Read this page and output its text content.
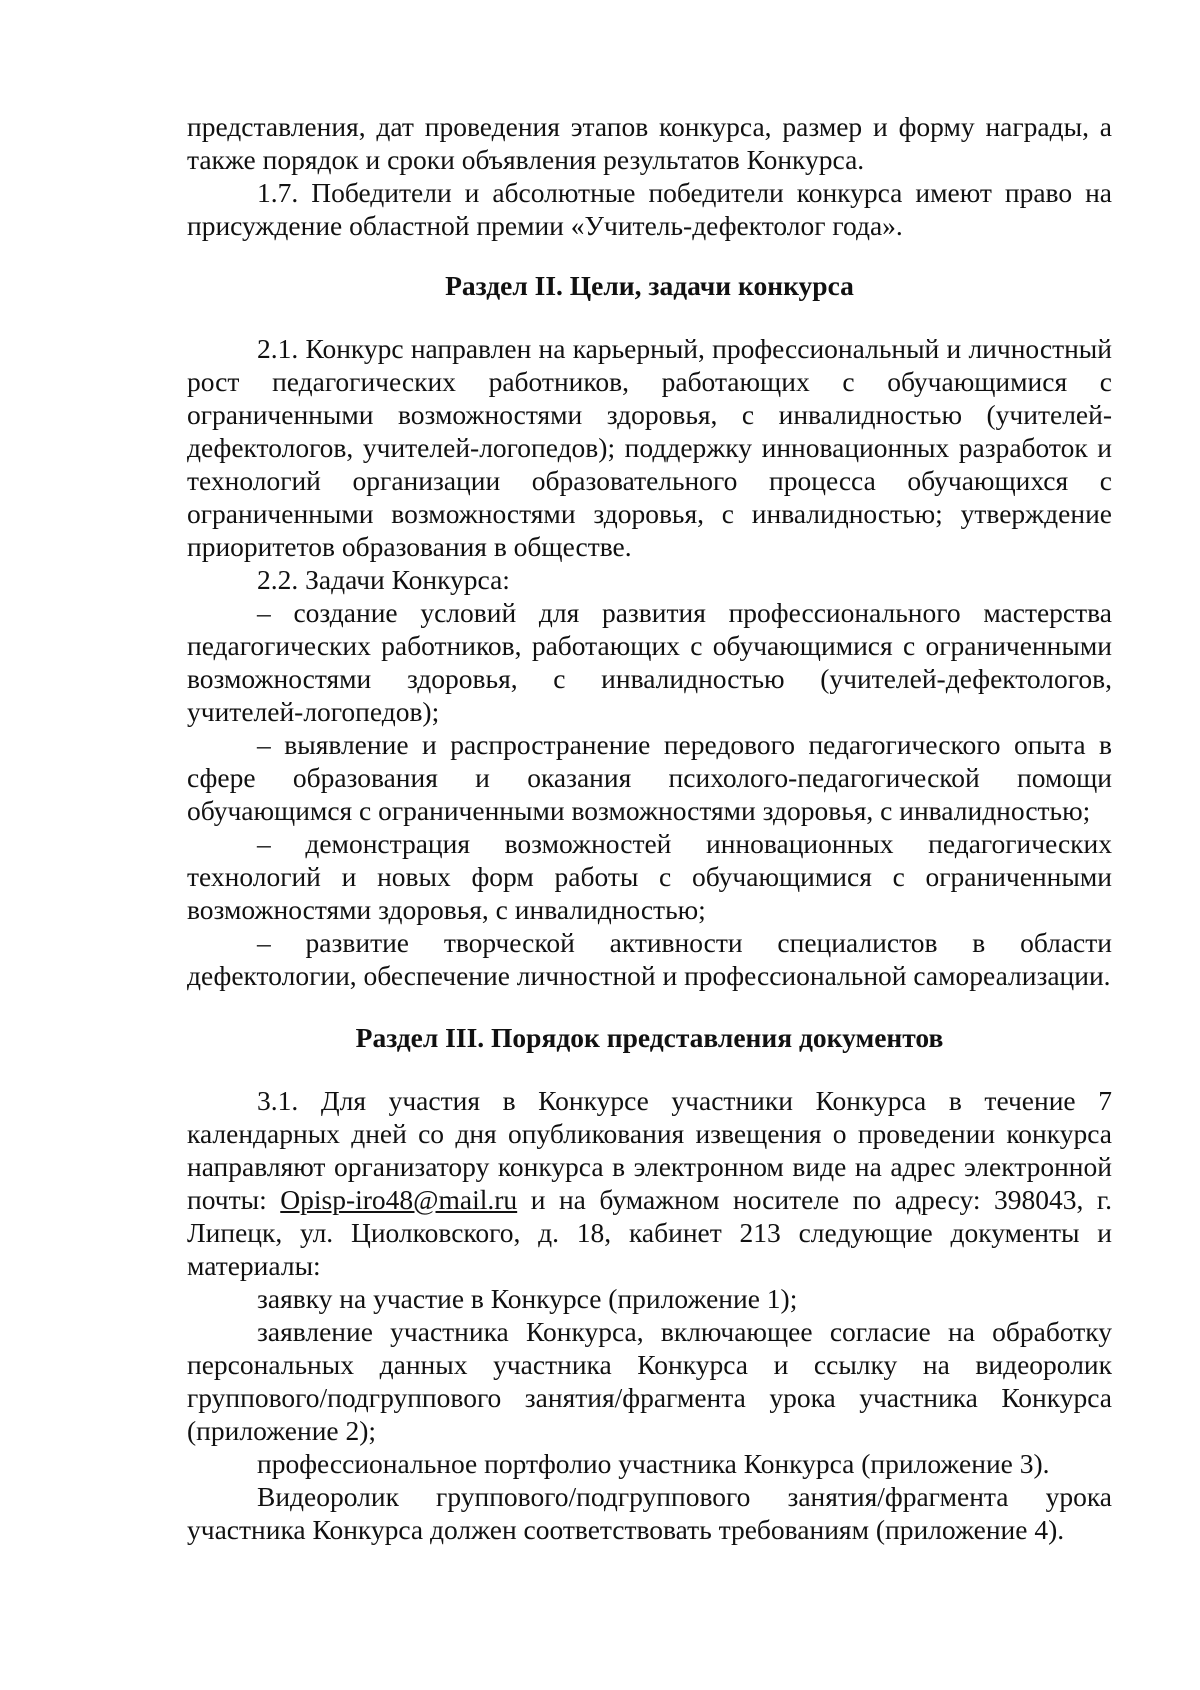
представления, дат проведения этапов конкурса, размер и форму награды, а также порядок и сроки объявления результатов Конкурса.

1.7. Победители и абсолютные победители конкурса имеют право на присуждение областной премии «Учитель-дефектолог года».

Раздел II. Цели, задачи конкурса

2.1. Конкурс направлен на карьерный, профессиональный и личностный рост педагогических работников, работающих с обучающимися с ограниченными возможностями здоровья, с инвалидностью (учителей-дефектологов, учителей-логопедов); поддержку инновационных разработок и технологий организации образовательного процесса обучающихся с ограниченными возможностями здоровья, с инвалидностью; утверждение приоритетов образования в обществе.

2.2. Задачи Конкурса:

– создание условий для развития профессионального мастерства педагогических работников, работающих с обучающимися с ограниченными возможностями здоровья, с инвалидностью (учителей-дефектологов, учителей-логопедов);

– выявление и распространение передового педагогического опыта в сфере образования и оказания психолого-педагогической помощи обучающимся с ограниченными возможностями здоровья, с инвалидностью;

– демонстрация возможностей инновационных педагогических технологий и новых форм работы с обучающимися с ограниченными возможностями здоровья, с инвалидностью;

– развитие творческой активности специалистов в области дефектологии, обеспечение личностной и профессиональной самореализации.

Раздел III. Порядок представления документов

3.1. Для участия в Конкурсе участники Конкурса в течение 7 календарных дней со дня опубликования извещения о проведении конкурса направляют организатору конкурса в электронном виде на адрес электронной почты: Opisp-iro48@mail.ru и на бумажном носителе по адресу: 398043, г. Липецк, ул. Циолковского, д. 18, кабинет 213 следующие документы и материалы:

заявку на участие в Конкурсе (приложение 1);

заявление участника Конкурса, включающее согласие на обработку персональных данных участника Конкурса и ссылку на видеоролик группового/подгруппового занятия/фрагмента урока участника Конкурса (приложение 2);

профессиональное портфолио участника Конкурса (приложение 3).

Видеоролик группового/подгруппового занятия/фрагмента урока участника Конкурса должен соответствовать требованиям (приложение 4).
